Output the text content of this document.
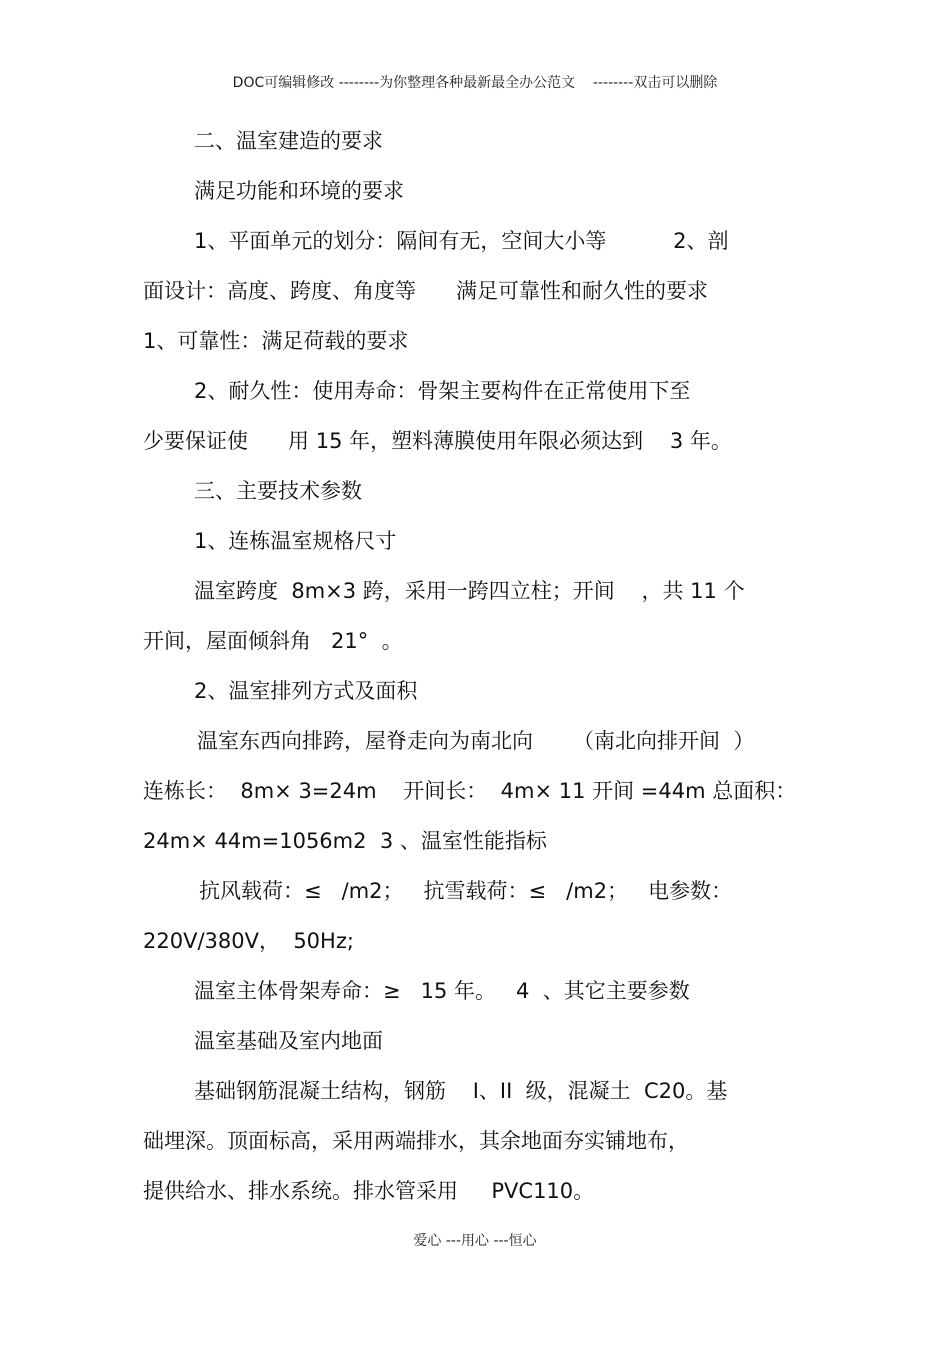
DOC可编辑修改 --------为你整理各种最新最全办公范文    --------双击可以删除
二、温室建造的要求
满足功能和环境的要求
1、平面单元的划分：隔间有无，空间大小等          2、剖
面设计：高度、跨度、角度等      满足可靠性和耐久性的要求
1、可靠性：满足荷载的要求
2、耐久性：使用寿命：骨架主要构件在正常使用下至
少要保证使      用 15 年，塑料薄膜使用年限必须达到    3 年。
三、主要技术参数
1、连栋温室规格尺寸
温室跨度  8m×3 跨，采用一跨四立柱；开间    ，共 11 个
开间，屋面倾斜角   21°  。
2、温室排列方式及面积
温室东西向排跨，屋脊走向为南北向      （南北向排开间  ）
连栋长：  8m× 3=24m    开间长：  4m× 11 开间 =44m 总面积：
24m× 44m=1056m2  3 、温室性能指标
抗风载荷：≤   /m2；   抗雪载荷：≤   /m2；   电参数：
220V/380V，  50Hz;
温室主体骨架寿命：≥   15 年。   4  、其它主要参数
温室基础及室内地面
基础钢筋混凝土结构，钢筋    I、II  级，混凝土  C20。基
础埋深。顶面标高，采用两端排水，其余地面夯实铺地布，
提供给水、排水系统。排水管采用     PVC110。
爱心 ---用心 ---恒心
